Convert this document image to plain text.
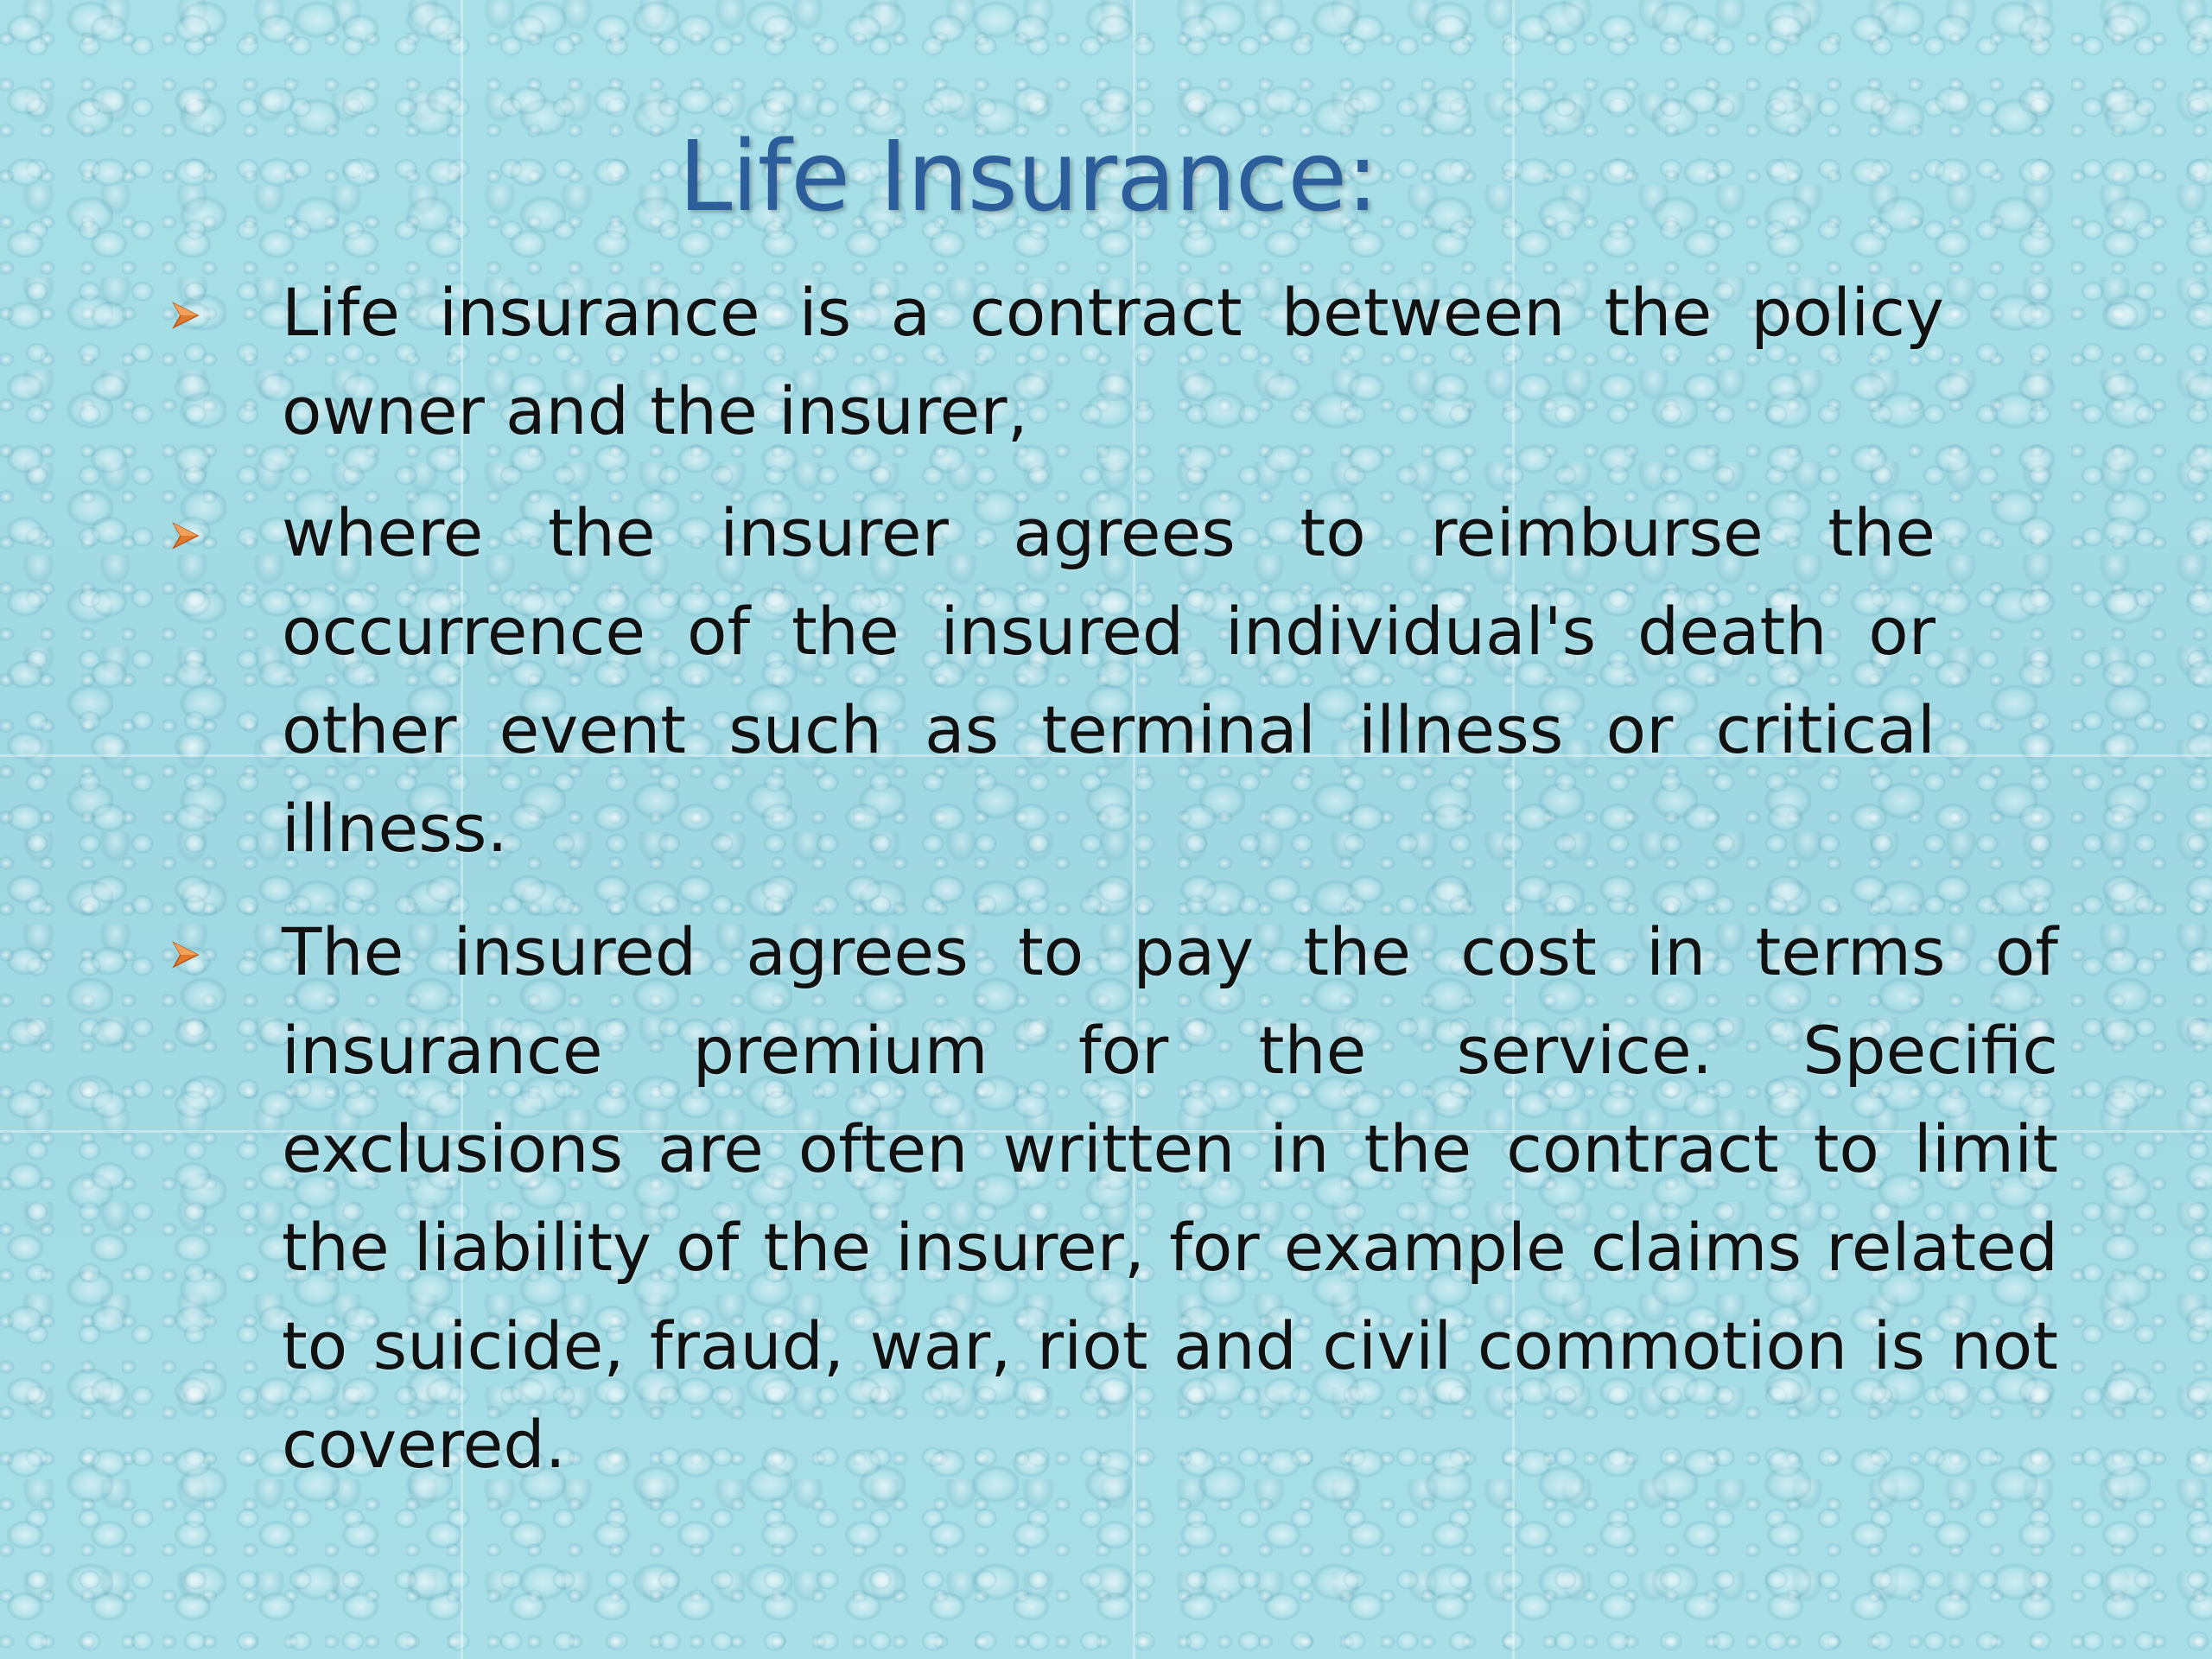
Life Insurance:
Life insurance is a contract between the policy owner and the insurer,
where the insurer agrees to reimburse the occurrence of the insured individual's death or other event such as terminal illness or critical illness.
The insured agrees to pay the cost in terms of insurance premium for the service. Specific exclusions are often written in the contract to limit the liability of the insurer, for example claims related to suicide, fraud, war, riot and civil commotion is not covered.
